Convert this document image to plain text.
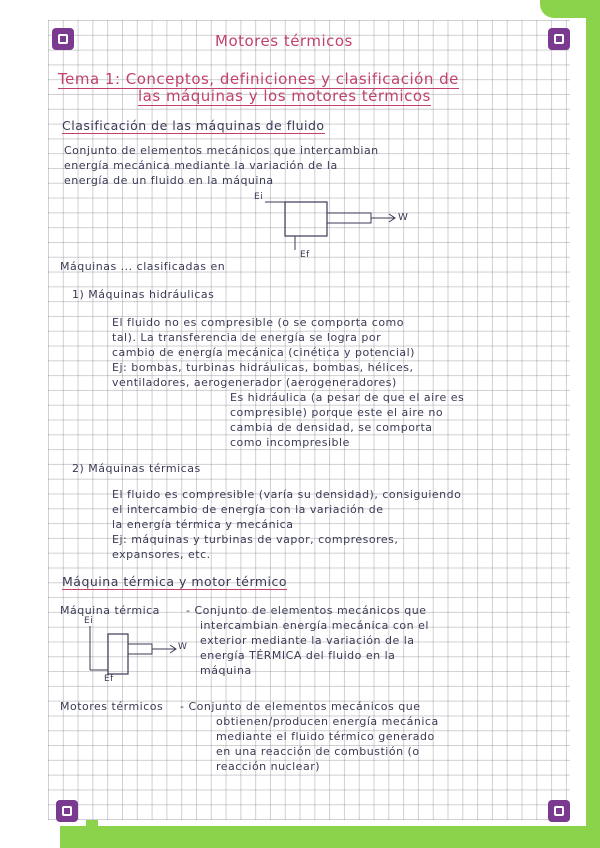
Motores térmicos
Tema 1: Conceptos, definiciones y clasificación de
las máquinas y los motores térmicos
Clasificación de las máquinas de fluido
Conjunto de elementos mecánicos que intercambian
energía mecánica mediante la variación de la
energía de un fluido en la máquina
Ei
Ef
W
Máquinas ... clasificadas en
1) Máquinas hidráulicas
El fluido no es compresible (o se comporta como
tal). La transferencia de energía se logra por
cambio de energía mecánica (cinética y potencial)
Ej: bombas, turbinas hidráulicas, bombas, hélices,
ventiladores, aerogenerador (aerogeneradores)
Es hidráulica (a pesar de que el aire es
compresible) porque este el aire no
cambia de densidad, se comporta
como incompresible
2) Máquinas térmicas
El fluido es compresible (varía su densidad), consiguiendo
el intercambio de energía con la variación de
la energía térmica y mecánica
Ej: máquinas y turbinas de vapor, compresores,
expansores, etc.
Máquina térmica y motor térmico
Máquina térmica - Conjunto de elementos mecánicos que
intercambian energía mecánica con el
exterior mediante la variación de la
energía TÉRMICA del fluido en la
máquina
Ei
Ef
W
Motores térmicos - Conjunto de elementos mecánicos que
obtienen/producen energía mecánica
mediante el fluido térmico generado
en una reacción de combustión (o
reacción nuclear)
